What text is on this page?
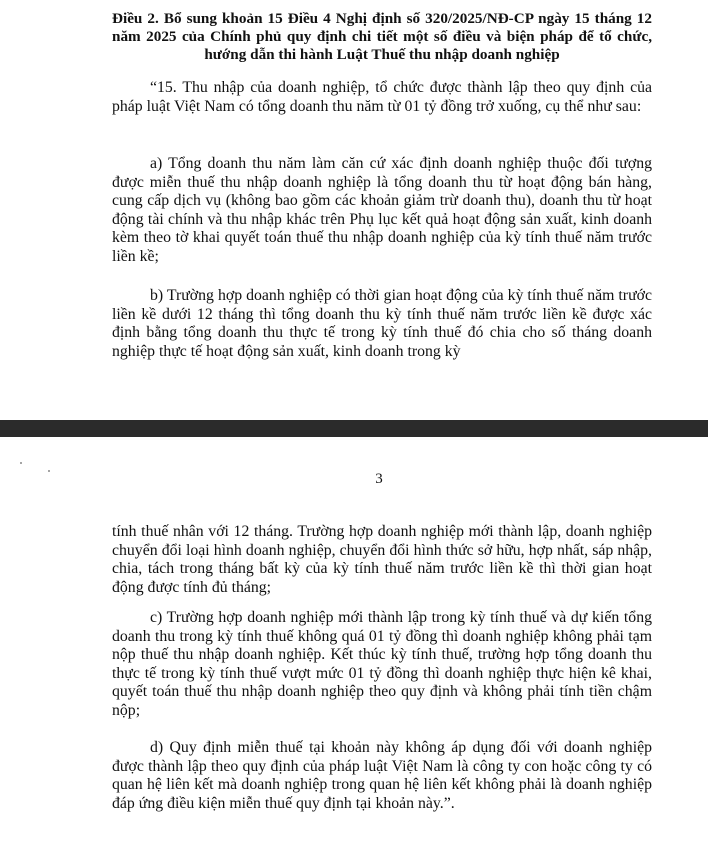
Điều 2. Bổ sung khoản 15 Điều 4 Nghị định số 320/2025/NĐ-CP ngày 15 tháng 12 năm 2025 của Chính phủ quy định chi tiết một số điều và biện pháp để tổ chức, hướng dẫn thi hành Luật Thuế thu nhập doanh nghiệp

“15. Thu nhập của doanh nghiệp, tổ chức được thành lập theo quy định của pháp luật Việt Nam có tổng doanh thu năm từ 01 tỷ đồng trở xuống, cụ thể như sau:

a) Tổng doanh thu năm làm căn cứ xác định doanh nghiệp thuộc đối tượng được miễn thuế thu nhập doanh nghiệp là tổng doanh thu từ hoạt động bán hàng, cung cấp dịch vụ (không bao gồm các khoản giảm trừ doanh thu), doanh thu từ hoạt động tài chính và thu nhập khác trên Phụ lục kết quả hoạt động sản xuất, kinh doanh kèm theo tờ khai quyết toán thuế thu nhập doanh nghiệp của kỳ tính thuế năm trước liền kề;

b) Trường hợp doanh nghiệp có thời gian hoạt động của kỳ tính thuế năm trước liền kề dưới 12 tháng thì tổng doanh thu kỳ tính thuế năm trước liền kề được xác định bằng tổng doanh thu thực tế trong kỳ tính thuế đó chia cho số tháng doanh nghiệp thực tế hoạt động sản xuất, kinh doanh trong kỳ

3

tính thuế nhân với 12 tháng. Trường hợp doanh nghiệp mới thành lập, doanh nghiệp chuyển đổi loại hình doanh nghiệp, chuyển đổi hình thức sở hữu, hợp nhất, sáp nhập, chia, tách trong tháng bất kỳ của kỳ tính thuế năm trước liền kề thì thời gian hoạt động được tính đủ tháng;

c) Trường hợp doanh nghiệp mới thành lập trong kỳ tính thuế và dự kiến tổng doanh thu trong kỳ tính thuế không quá 01 tỷ đồng thì doanh nghiệp không phải tạm nộp thuế thu nhập doanh nghiệp. Kết thúc kỳ tính thuế, trường hợp tổng doanh thu thực tế trong kỳ tính thuế vượt mức 01 tỷ đồng thì doanh nghiệp thực hiện kê khai, quyết toán thuế thu nhập doanh nghiệp theo quy định và không phải tính tiền chậm nộp;

d) Quy định miễn thuế tại khoản này không áp dụng đối với doanh nghiệp được thành lập theo quy định của pháp luật Việt Nam là công ty con hoặc công ty có quan hệ liên kết mà doanh nghiệp trong quan hệ liên kết không phải là doanh nghiệp đáp ứng điều kiện miễn thuế quy định tại khoản này.”.
